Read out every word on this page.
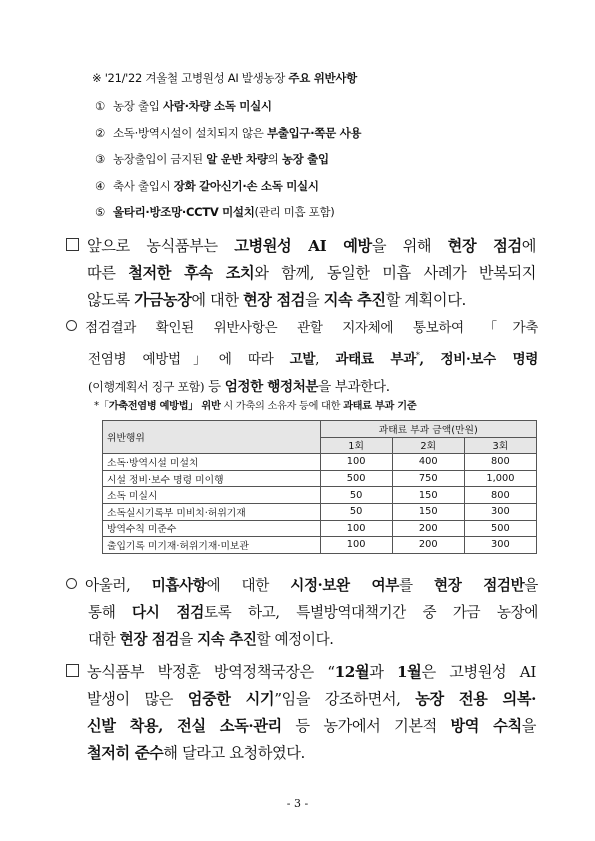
※ '21/'22 겨울철 고병원성 AI 발생농장 주요 위반사항
① 농장 출입 사람·차량 소독 미실시
② 소독·방역시설이 설치되지 않은 부출입구·쪽문 사용
③ 농장출입이 금지된 알 운반 차량의 농장 출입
④ 축사 출입시 장화 갈아신기·손 소독 미실시
⑤ 울타리·방조망·CCTV 미설치(관리 미흡 포함)
앞으로 농식품부는 고병원성 AI 예방을 위해 현장 점검에
따른 철저한 후속 조치와 함께, 동일한 미흡 사례가 반복되지
않도록 가금농장에 대한 현장 점검을 지속 추진할 계획이다.
점검결과 확인된 위반사항은 관할 지자체에 통보하여 「가축
전염병 예방법」에 따라 고발, 과태료 부과*, 정비·보수 명령
(이행계획서 징구 포함) 등 엄정한 행정처분을 부과한다.
*「가축전염병 예방법」 위반 시 가축의 소유자 등에 대한 과태료 부과 기준
위반행위	과태료 부과 금액(만원)		
	1회	2회	3회
소독·방역시설 미설치	100	400	800
시설 정비·보수 명령 미이행	500	750	1,000
소독 미실시	50	150	800
소독실시기록부 미비치·허위기재	50	150	300
방역수칙 미준수	100	200	500
출입기록 미기재·허위기재·미보관	100	200	300
아울러, 미흡사항에 대한 시정·보완 여부를 현장 점검반을
통해 다시 점검토록 하고, 특별방역대책기간 중 가금 농장에
대한 현장 점검을 지속 추진할 예정이다.
농식품부 박정훈 방역정책국장은 “12월과 1월은 고병원성 AI
발생이 많은 엄중한 시기”임을 강조하면서, 농장 전용 의복·
신발 착용, 전실 소독·관리 등 농가에서 기본적 방역 수칙을
철저히 준수해 달라고 요청하였다.
- 3 -
